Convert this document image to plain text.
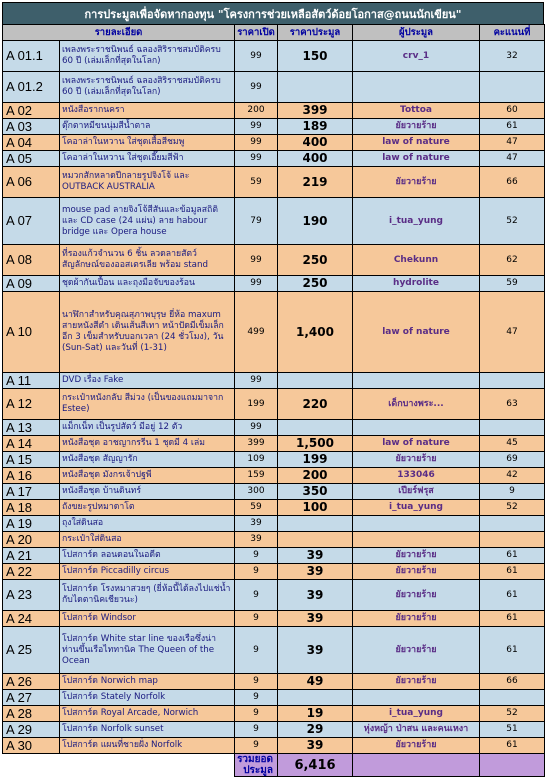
การประมูลเพื่อจัดหากองทุน "โครงการช่วยเหลือสัตว์ด้อยโอกาส@ถนนนักเขียน"
รายละเอียด		ราคาเปิด	ราคาประมูล	ผู้ประมูล	คะแนนที่
A 01.1	เพลงพระราชนิพนธ์ ฉลองสิริราชสมบัติครบ 60 ปี (เล่มเล็กที่สุดในโลก)	99	150	crv_1	32
A 01.2	เพลงพระราชนิพนธ์ ฉลองสิริราชสมบัติครบ 60 ปี (เล่มเล็กที่สุดในโลก)	99			
A 02	หนังสือรากนครา	200	399	Tottoa	60
A 03	ตุ๊กตาหมีขนนุ่มสีน้ำตาล	99	189	ยัยวายร้าย	61
A 04	โคอาล่าในหวาน ใส่ชุดเสื้อสีชมพู	99	400	law of nature	47
A 05	โคอาล่าในหวาน ใส่ชุดเอี๊ยมสีฟ้า	99	400	law of nature	47
A 06	หมวกสักหลาดปีกลายรูปจิงโจ้ และ OUTBACK AUSTRALIA	59	219	ยัยวายร้าย	66
A 07	mouse pad ลายจิงโจ้สีสันและข้อมูลสถิติ และ CD case (24 แผ่น) ลาย habour bridge และ Opera house	79	190	i_tua_yung	52
A 08	ที่รองแก้วจำนวน 6 ชิ้น ลวดลายสัตว์สัญลักษณ์ของออสเตรเลีย พร้อม stand	99	250	Chekunn	62
A 09	ชุดผ้ากันเปื้อน และถุงมือจับของร้อน	99	250	hydrolite	59
A 10	นาฬิกาสำหรับคุณสุภาพบุรุษ ยี่ห้อ maxum สายหนังสีดำ เดินเส้นสีเทา หน้าปัดมีเข็มเล็กอีก 3 เข็มสำหรับบอกเวลา (24 ชั่วโมง), วัน (Sun-Sat) และวันที่ (1-31)	499	1,400	law of nature	47
A 11	DVD เรื่อง Fake	99			
A 12	กระเป๋าหนังกลับ สีม่วง (เป็นของแถมมาจาก Estee)	199	220	เด็กบางพระ...	63
A 13	แม็กเน็ท เป็นรูปสัตว์ มีอยู่ 12 ตัว	99			
A 14	หนังสือชุด อาชญากรรีน 1 ชุดมี 4 เล่ม	399	1,500	law of nature	45
A 15	หนังสือชุด สัญญารัก	109	199	ยัยวายร้าย	69
A 16	หนังสือชุด มังกรเจ้าปฐพี	159	200	133046	42
A 17	หนังสือชุด บ้านดินทร์	300	350	เปียร์ฟรุส	9
A 18	ถังขยะรูปหมาดาโต	59	100	i_tua_yung	52
A 19	ถุงใส่ดินสอ	39			
A 20	กระเป๋าใส่ดินสอ	39			
A 21	โปสการ์ด ลอนดอนในอดีต	9	39	ยัยวายร้าย	61
A 22	โปสการ์ด Piccadilly circus	9	39	ยัยวายร้าย	61
A 23	โปสการ์ด โรงหมาสวยๆ (ยี่ห้อนี้ได้ลงไปแช่น้ำกับไดตานิคเชียวนะ)	9	39	ยัยวายร้าย	61
A 24	โปสการ์ด Windsor	9	39	ยัยวายร้าย	61
A 25	โปสการ์ด White star line ของเรือซึ่งน่าท่านขึ้นเรือไททานิค The Queen of the Ocean	9	39	ยัยวายร้าย	61
A 26	โปสการ์ด Norwich map	9	49	ยัยวายร้าย	66
A 27	โปสการ์ด Stately Norfolk	9			
A 28	โปสการ์ด Royal Arcade, Norwich	9	19	i_tua_yung	52
A 29	โปสการ์ด Norfolk sunset	9	29	หุ่งหญ้า ป่าสน และคนเหงา	51
A 30	โปสการ์ด แผนที่ชายฝั่ง Norfolk	9	39	ยัยวายร้าย	61
		รวมยอดประมูล	6,416		
